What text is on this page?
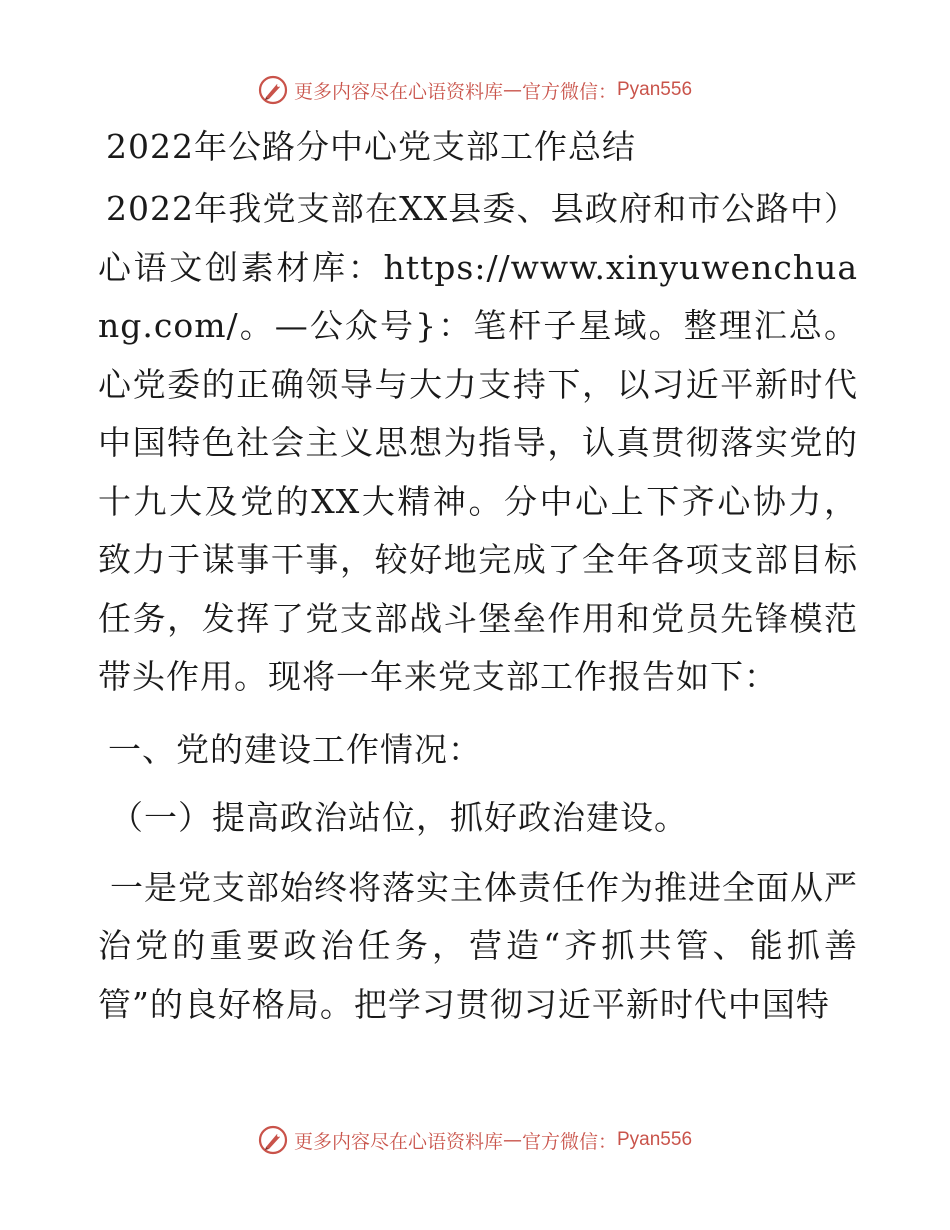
更多内容尽在心语资料库 — 官方微信： Pyan556
2022年公路分中心党支部工作总结

2022年我党支部在XX县委、县政府和市公路中）心语文创素材库：https://www.xinyuwenchuang.com/。—公众号}：笔杆子星域。整理汇总。心党委的正确领导与大力支持下，以习近平新时代中国特色社会主义思想为指导，认真贯彻落实党的十九大及党的XX大精神。分中心上下齐心协力，致力于谋事干事，较好地完成了全年各项支部目标任务，发挥了党支部战斗堡垒作用和党员先锋模范带头作用。现将一年来党支部工作报告如下：

一、党的建设工作情况：
（一）提高政治站位，抓好政治建设。

一是党支部始终将落实主体责任作为推进全面从严治党的重要政治任务，营造“齐抓共管、能抓善管”的良好格局。把学习贯彻习近平新时代中国特

更多内容尽在心语资料库 — 官方微信： Pyan556
